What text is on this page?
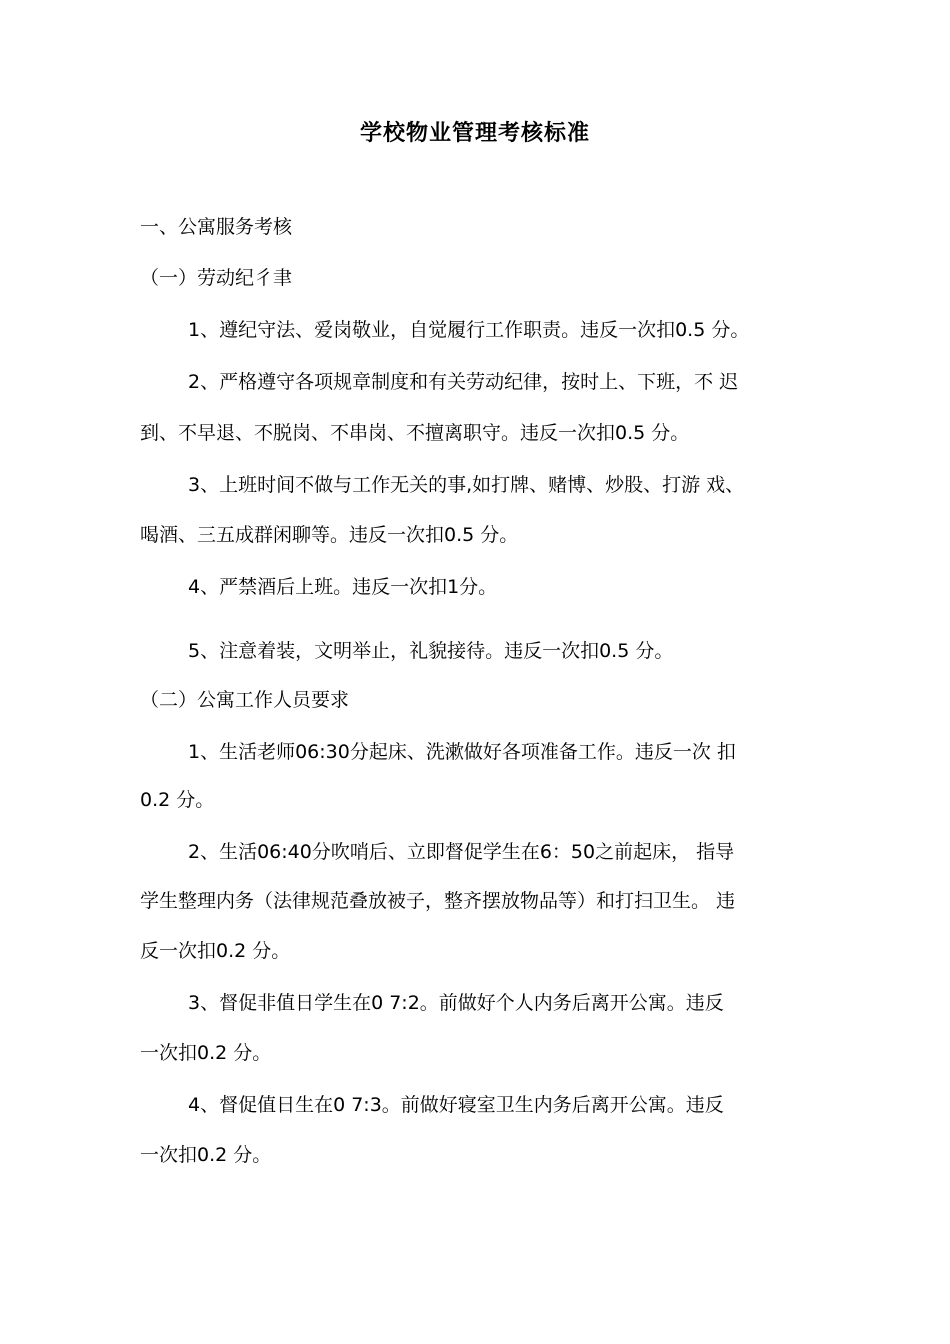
学校物业管理考核标准
一、公寓服务考核
（一）劳动纪彳聿
1、遵纪守法、爱岗敬业，自觉履行工作职责。违反一次扣0.5 分。
2、严格遵守各项规章制度和有关劳动纪律，按时上、下班，不 迟
到、不早退、不脱岗、不串岗、不擅离职守。违反一次扣0.5 分。
3、上班时间不做与工作无关的事,如打牌、赌博、炒股、打游 戏、
喝酒、三五成群闲聊等。违反一次扣0.5 分。
4、严禁酒后上班。违反一次扣1分。
5、注意着装，文明举止，礼貌接待。违反一次扣0.5 分。
（二）公寓工作人员要求
1、生活老师06:30分起床、洗漱做好各项准备工作。违反一次 扣
0.2 分。
2、生活06:40分吹哨后、立即督促学生在6：50之前起床， 指导
学生整理内务（法律规范叠放被子，整齐摆放物品等）和打扫卫生。 违
反一次扣0.2 分。
3、督促非值日学生在0 7:2。前做好个人内务后离开公寓。违反
一次扣0.2 分。
4、督促值日生在0 7:3。前做好寝室卫生内务后离开公寓。违反
一次扣0.2 分。
